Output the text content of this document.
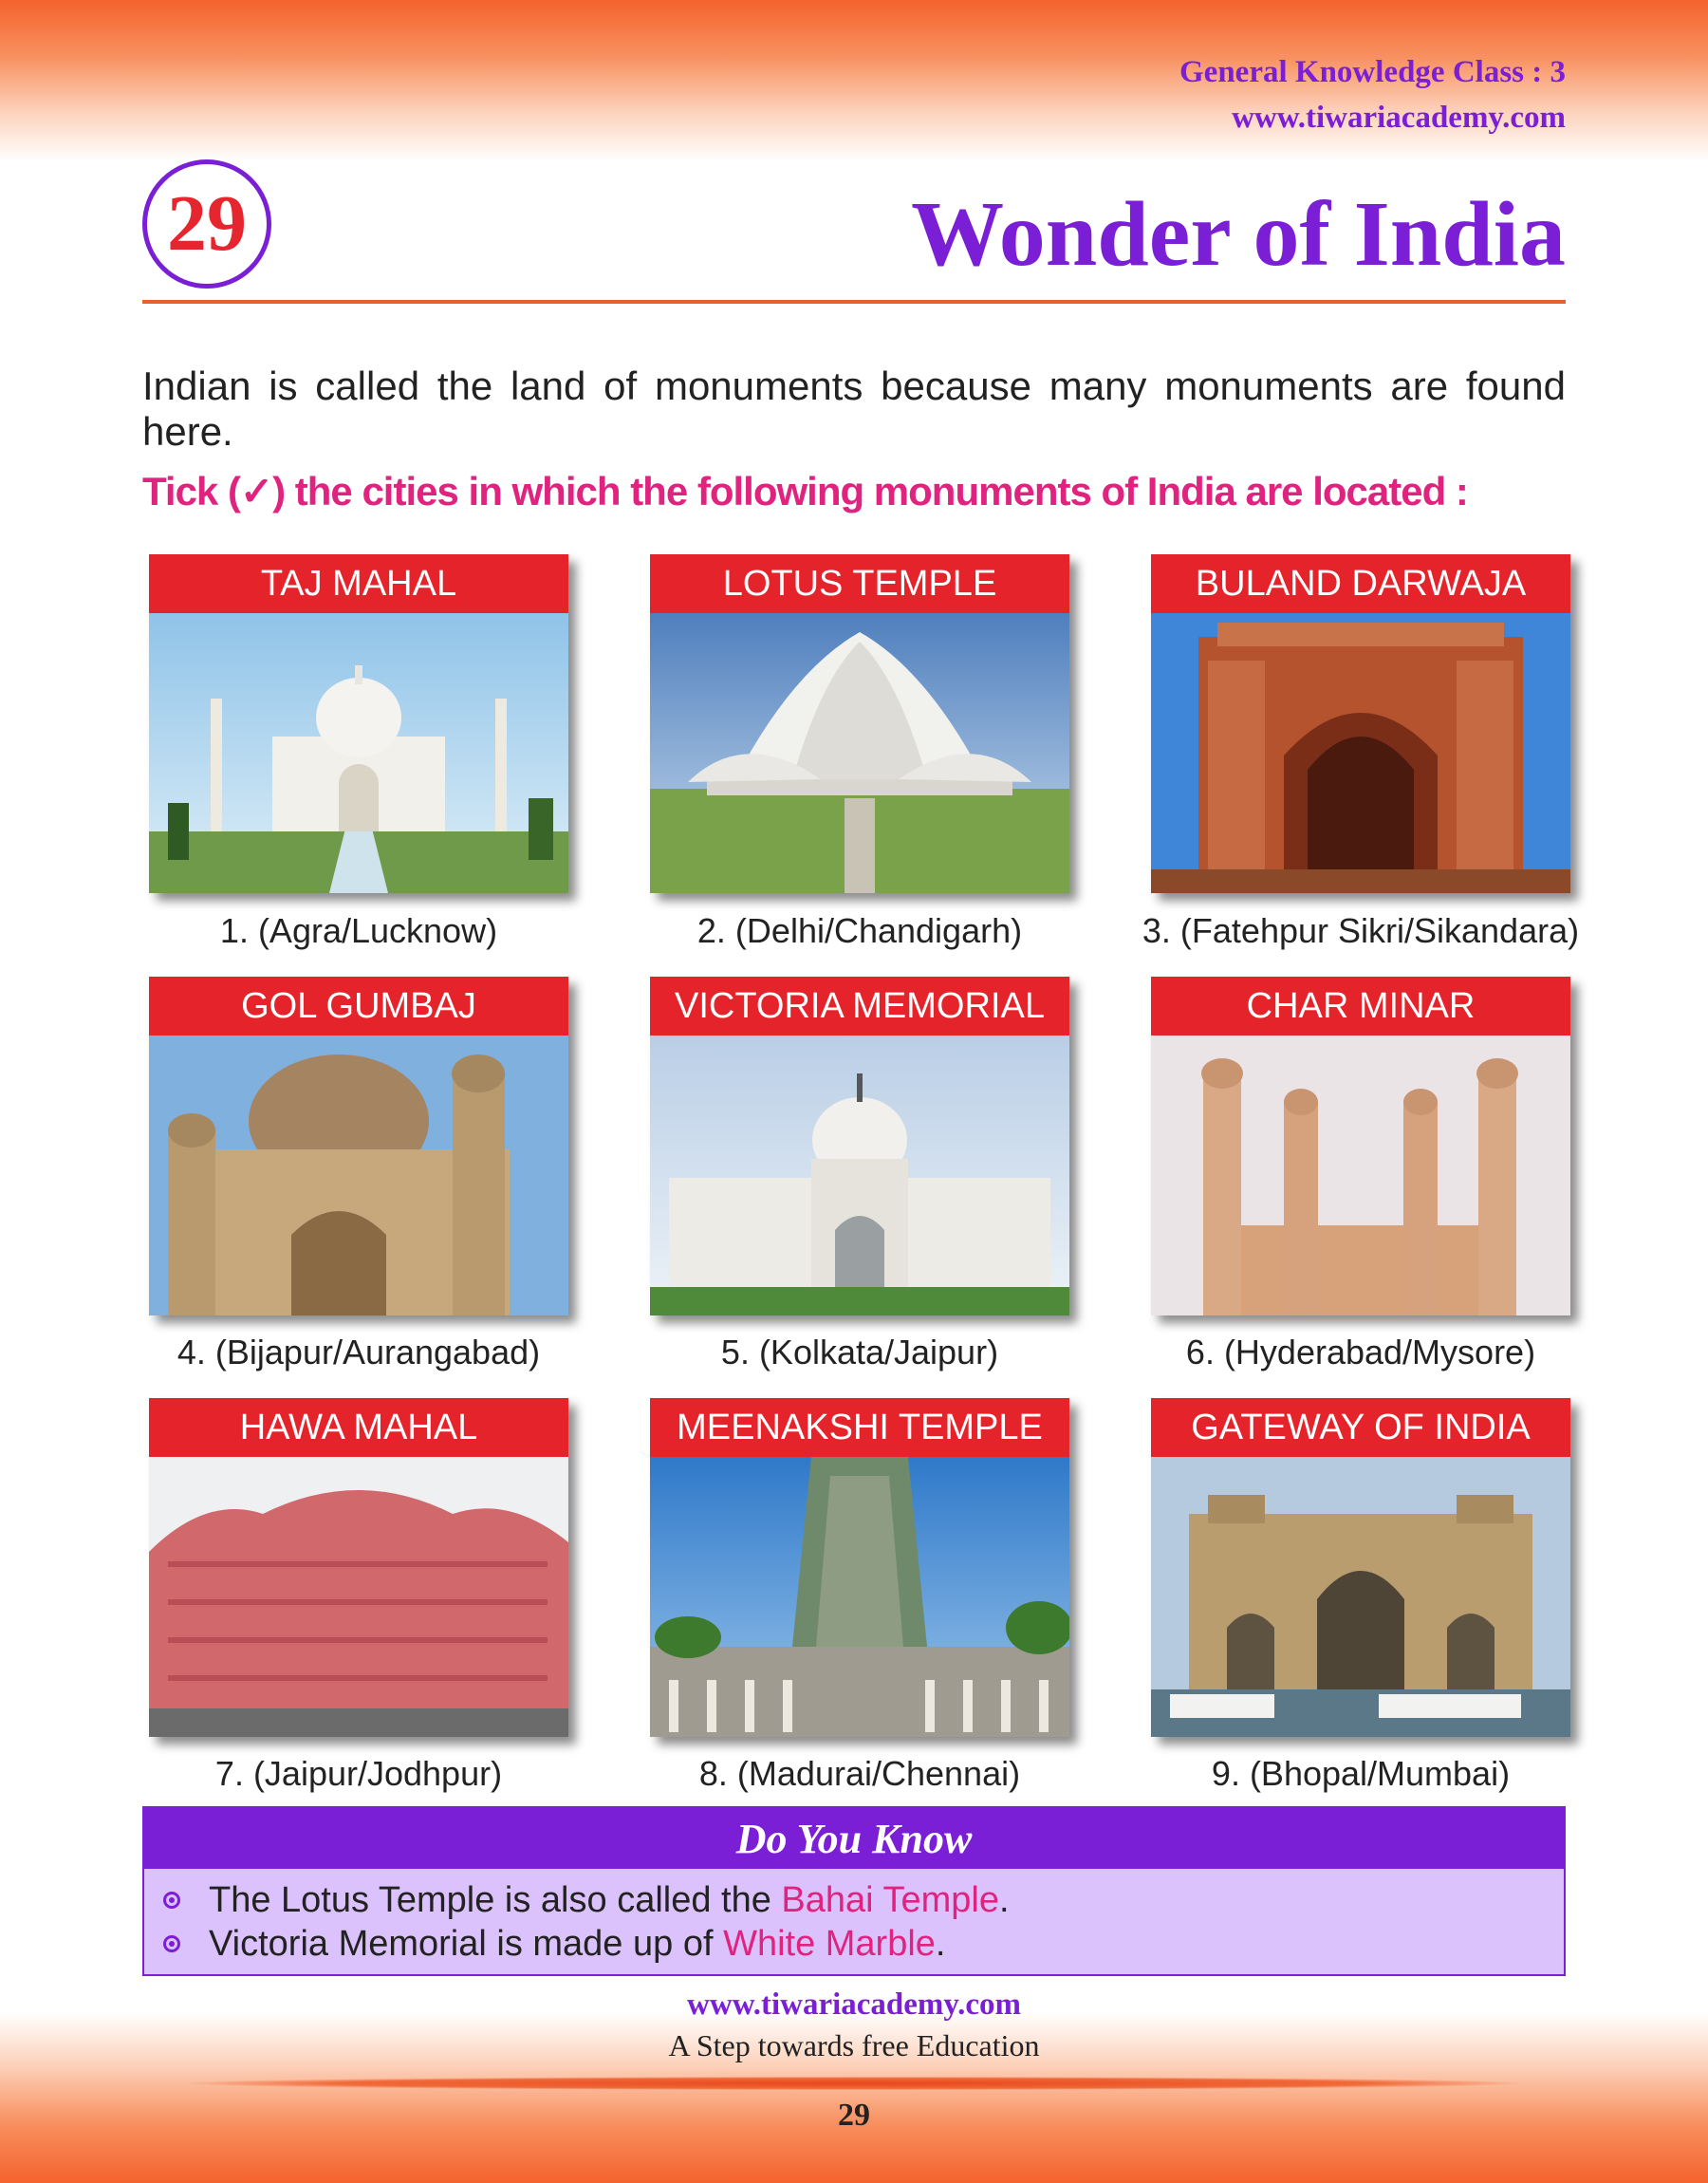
General Knowledge Class : 3
www.tiwariacademy.com
29	Wonder of India
Indian is called the land of monuments because many monuments are found here.
Tick (✓) the cities in which the following monuments of India are located :
TAJ MAHAL
1. (Agra/Lucknow)
LOTUS TEMPLE
2. (Delhi/Chandigarh)
BULAND DARWAJA
3. (Fatehpur Sikri/Sikandara)
GOL GUMBAJ
4. (Bijapur/Aurangabad)
VICTORIA MEMORIAL
5. (Kolkata/Jaipur)
CHAR MINAR
6. (Hyderabad/Mysore)
HAWA MAHAL
7. (Jaipur/Jodhpur)
MEENAKSHI TEMPLE
8. (Madurai/Chennai)
GATEWAY OF INDIA
9. (Bhopal/Mumbai)
Do You Know
The Lotus Temple is also called the Bahai Temple.
Victoria Memorial is made up of White Marble.
www.tiwariacademy.com
A Step towards free Education
29
